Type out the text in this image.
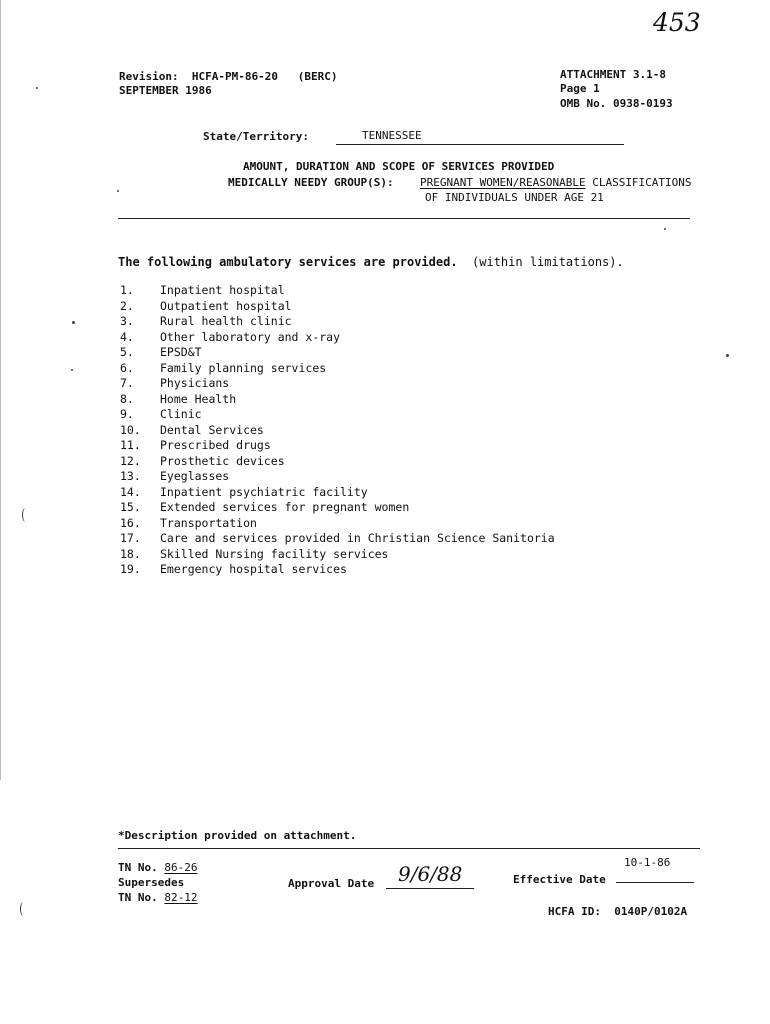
453
Revision:  HCFA-PM-86-20   (BERC)
SEPTEMBER 1986
ATTACHMENT 3.1-8
Page 1
OMB No. 0938-0193
State/Territory:	TENNESSEE
AMOUNT, DURATION AND SCOPE OF SERVICES PROVIDED
MEDICALLY NEEDY GROUP(S): PREGNANT WOMEN/REASONABLE CLASSIFICATIONS
OF INDIVIDUALS UNDER AGE 21
The following ambulatory services are provided. (within limitations).
1. Inpatient hospital
2. Outpatient hospital
3. Rural health clinic
4. Other laboratory and x-ray
5. EPSD&T
6. Family planning services
7. Physicians
8. Home Health
9. Clinic
10. Dental Services
11. Prescribed drugs
12. Prosthetic devices
13. Eyeglasses
14. Inpatient psychiatric facility
15. Extended services for pregnant women
16. Transportation
17. Care and services provided in Christian Science Sanitoria
18. Skilled Nursing facility services
19. Emergency hospital services
*Description provided on attachment.
TN No. 86-26
Supersedes
TN No. 82-12
Approval Date 9/6/88	Effective Date
10-1-86
HCFA ID: 0140P/0102A
